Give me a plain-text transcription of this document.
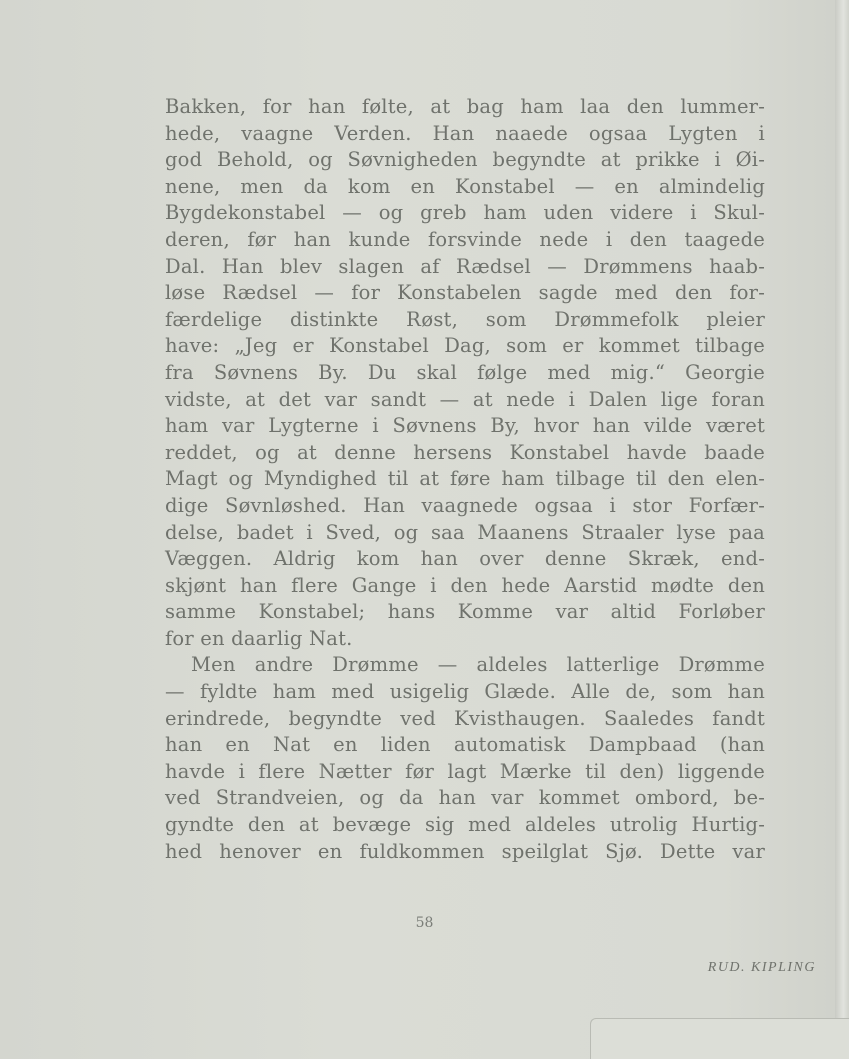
Bakken, for han følte, at bag ham laa den lummer-
hede, vaagne Verden. Han naaede ogsaa Lygten i
god Behold, og Søvnigheden begyndte at prikke i Øi-
nene, men da kom en Konstabel — en almindelig
Bygdekonstabel — og greb ham uden videre i Skul-
deren, før han kunde forsvinde nede i den taagede
Dal. Han blev slagen af Rædsel — Drømmens haab-
løse Rædsel — for Konstabelen sagde med den for-
færdelige distinkte Røst, som Drømmefolk pleier
have: „Jeg er Konstabel Dag, som er kommet tilbage
fra Søvnens By. Du skal følge med mig.“ Georgie
vidste, at det var sandt — at nede i Dalen lige foran
ham var Lygterne i Søvnens By, hvor han vilde været
reddet, og at denne hersens Konstabel havde baade
Magt og Myndighed til at føre ham tilbage til den elen-
dige Søvnløshed. Han vaagnede ogsaa i stor Forfær-
delse, badet i Sved, og saa Maanens Straaler lyse paa
Væggen. Aldrig kom han over denne Skræk, end-
skjønt han flere Gange i den hede Aarstid mødte den
samme Konstabel; hans Komme var altid Forløber
for en daarlig Nat.
Men andre Drømme — aldeles latterlige Drømme
— fyldte ham med usigelig Glæde. Alle de, som han
erindrede, begyndte ved Kvisthaugen. Saaledes fandt
han en Nat en liden automatisk Dampbaad (han
havde i flere Nætter før lagt Mærke til den) liggende
ved Strandveien, og da han var kommet ombord, be-
gyndte den at bevæge sig med aldeles utrolig Hurtig-
hed henover en fuldkommen speilglat Sjø. Dette var
58
RUD. KIPLING
